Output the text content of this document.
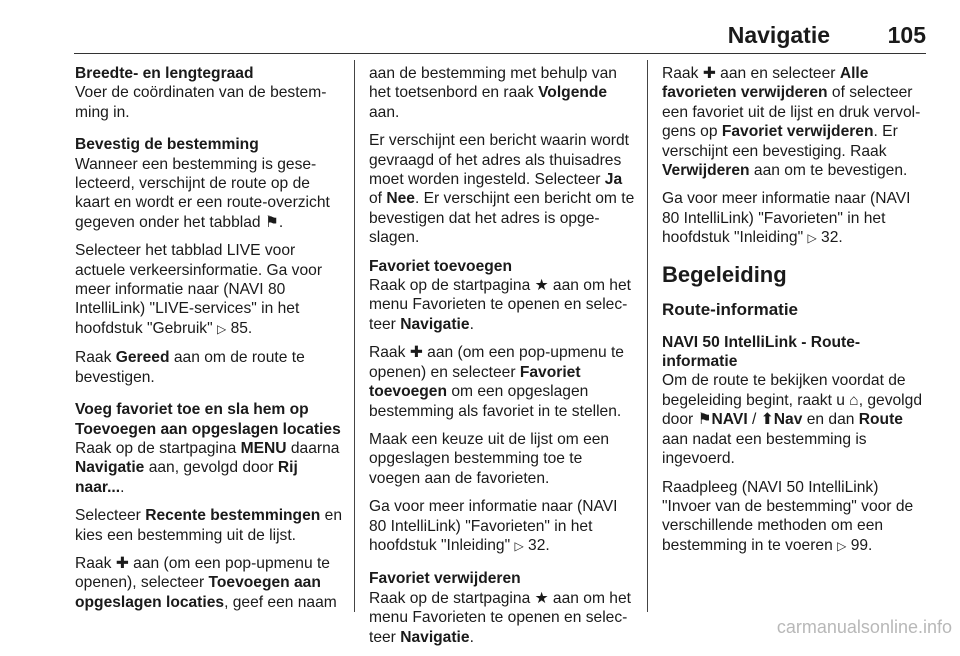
Navigatie	105

Breedte- en lengtegraad

Voer de coördinaten van de bestem-ming in.

Bevestig de bestemming

Wanneer een bestemming is gese-lecteerd, verschijnt de route op de kaart en wordt er een route-overzicht gegeven onder het tabblad ⚑.

Selecteer het tabblad LIVE voor actuele verkeersinformatie. Ga voor meer informatie naar (NAVI 80 IntelliLink) "LIVE-services" in het hoofdstuk "Gebruik" ▷ 85.

Raak Gereed aan om de route te bevestigen.

Voeg favoriet toe en sla hem op

Toevoegen aan opgeslagen locaties

Raak op de startpagina MENU daarna Navigatie aan, gevolgd door Rij naar....

Selecteer Recente bestemmingen en kies een bestemming uit de lijst.

Raak ✚ aan (om een pop-upmenu te openen), selecteer Toevoegen aan opgeslagen locaties, geef een naam

aan de bestemming met behulp van het toetsenbord en raak Volgende aan.

Er verschijnt een bericht waarin wordt gevraagd of het adres als thuisadres moet worden ingesteld. Selecteer Ja of Nee. Er verschijnt een bericht om te bevestigen dat het adres is opge-slagen.

Favoriet toevoegen

Raak op de startpagina ★ aan om het menu Favorieten te openen en selec-teer Navigatie.

Raak ✚ aan (om een pop-upmenu te openen) en selecteer Favoriet toevoegen om een opgeslagen bestemming als favoriet in te stellen.

Maak een keuze uit de lijst om een opgeslagen bestemming toe te voegen aan de favorieten.

Ga voor meer informatie naar (NAVI 80 IntelliLink) "Favorieten" in het hoofdstuk "Inleiding" ▷ 32.

Favoriet verwijderen

Raak op de startpagina ★ aan om het menu Favorieten te openen en selec-teer Navigatie.

Raak ✚ aan en selecteer Alle favorieten verwijderen of selecteer een favoriet uit de lijst en druk vervol-gens op Favoriet verwijderen. Er verschijnt een bevestiging. Raak Verwijderen aan om te bevestigen.

Ga voor meer informatie naar (NAVI 80 IntelliLink) "Favorieten" in het hoofdstuk "Inleiding" ▷ 32.

Begeleiding
Route-informatie

NAVI 50 IntelliLink - Route-informatie

Om de route te bekijken voordat de begeleiding begint, raakt u ⌂, gevolgd door ⚑NAVI / ⬆Nav en dan Route aan nadat een bestemming is ingevoerd.

Raadpleeg (NAVI 50 IntelliLink) "Invoer van de bestemming" voor de verschillende methoden om een bestemming in te voeren ▷ 99.

carmanualsonline.info
